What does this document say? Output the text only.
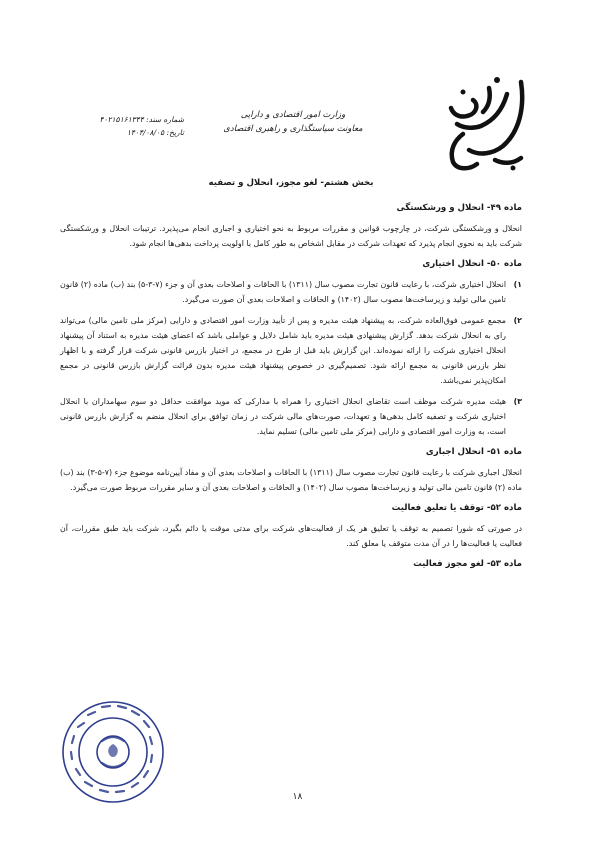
وزارت امور اقتصادی و دارایی
معاونت سیاستگذاری و راهبری اقتصادی
شماره سند: ۴۰۲۱۵۱۶۱۳۴۴
تاریخ: ۱۴۰۴/۰۸/۰۵
بخش هشتم- لغو مجوز، انحلال و تصفیه
ماده ۴۹- انحلال و ورشکستگی

انحلال و ورشکستگی شرکت، در چارچوب قوانین و مقررات مربوط به نحو اختیاری و اجباری انجام می‌پذیرد. ترتیبات انحلال و ورشکستگی شرکت باید به نحوی انجام پذیرد که تعهدات شرکت در مقابل اشخاص به طور کامل با اولویت پرداخت بدهی‌ها انجام شود.

ماده ۵۰- انحلال اختیاری
۱)
انحلال اختیاری شرکت، با رعایت قانون تجارت مصوب سال (۱۳۱۱) با الحاقات و اصلاحات بعدی آن و جزء (۷-۳-۵) بند (ب) ماده (۲) قانون تامین مالی تولید و زیرساخت‌ها مصوب سال (۱۴۰۲) و الحاقات و اصلاحات بعدی آن صورت می‌گیرد.
۲)
مجمع عمومی فوق‌العاده شرکت، به پیشنهاد هیئت مدیره و پس از تأیید وزارت امور اقتصادی و دارایی (مرکز ملی تامین مالی) می‌تواند رای به انحلال شرکت بدهد. گزارش پیشنهادی هیئت مدیره باید شامل دلایل و عواملی باشد که اعضای هیئت مدیره به استناد آن پیشنهاد انحلال اختیاری شرکت را ارائه نموده‌اند. این گزارش باید قبل از طرح در مجمع، در اختیار بازرس قانونی شرکت قرار گرفته و با اظهار نظر بازرس قانونی به مجمع ارائه شود. تصمیم‌گیری در خصوص پیشنهاد هیئت مدیره بدون قرائت گزارش بازرس قانونی در مجمع امکان‌پذیر نمی‌باشد.
۳)
هیئت مدیره شرکت موظف است تقاضای انحلال اختیاری را همراه با مدارکی که موید موافقت حداقل دو سوم سهامداران با انحلال اختیاری شرکت و تصفیه کامل بدهی‌ها و تعهدات، صورت‌های مالی شرکت در زمان توافق برای انحلال منضم به گزارش بازرس قانونی است، به وزارت امور اقتصادی و دارایی (مرکز ملی تامین مالی) تسلیم نماید.
ماده ۵۱- انحلال اجباری

انحلال اجباری شرکت با رعایت قانون تجارت مصوب سال (۱۳۱۱) با الحاقات و اصلاحات بعدی آن و مفاد آیین‌نامه موضوع جزء (۷-۵-۳) بند (ب) ماده (۲) قانون تامین مالی تولید و زیرساخت‌ها مصوب سال (۱۴۰۲) و الحاقات و اصلاحات بعدی آن و سایر مقررات مربوط صورت می‌گیرد.

ماده ۵۲- توقف یا تعلیق فعالیت

در صورتی که شورا تصمیم به توقف یا تعلیق هر یک از فعالیت‌های شرکت برای مدتی موقت یا دائم بگیرد، شرکت باید طبق مقررات، آن فعالیت یا فعالیت‌ها را در آن مدت متوقف یا معلق کند.

ماده ۵۳- لغو مجوز فعالیت
۱۸
